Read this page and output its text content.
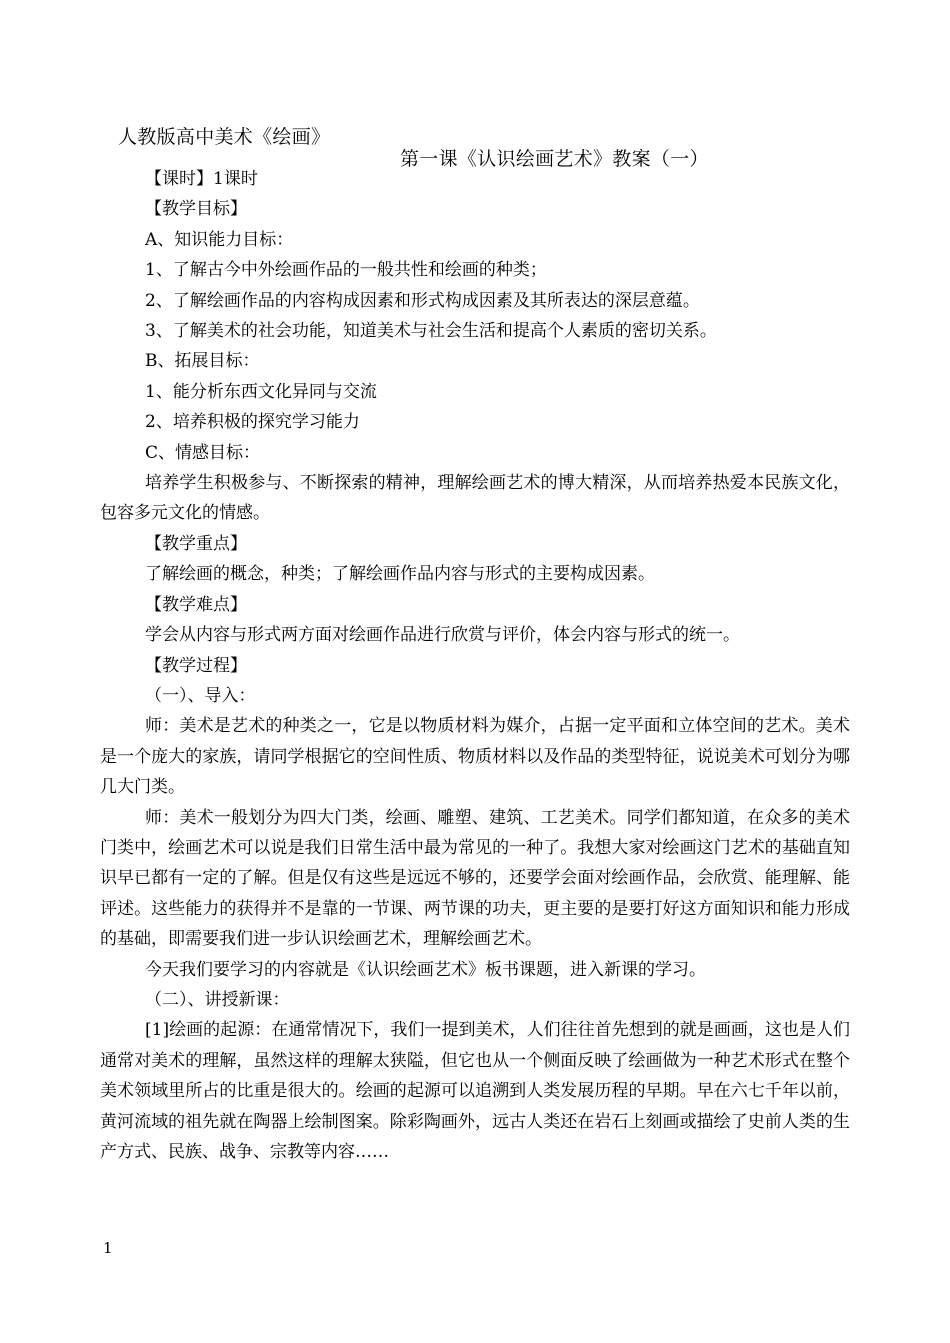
人教版高中美术《绘画》

第一课《认识绘画艺术》教案（一）

【课时】1课时

【教学目标】

A、知识能力目标：

1、了解古今中外绘画作品的一般共性和绘画的种类；

2、了解绘画作品的内容构成因素和形式构成因素及其所表达的深层意蕴。

3、了解美术的社会功能，知道美术与社会生活和提高个人素质的密切关系。

B、拓展目标：

1、能分析东西文化异同与交流

2、培养积极的探究学习能力

C、情感目标：

培养学生积极参与、不断探索的精神，理解绘画艺术的博大精深，从而培养热爱本民族文化，包容多元文化的情感。

【教学重点】

了解绘画的概念，种类；了解绘画作品内容与形式的主要构成因素。

【教学难点】

学会从内容与形式两方面对绘画作品进行欣赏与评价，体会内容与形式的统一。

【教学过程】

（一）、导入：

师：美术是艺术的种类之一，它是以物质材料为媒介，占据一定平面和立体空间的艺术。美术是一个庞大的家族，请同学根据它的空间性质、物质材料以及作品的类型特征，说说美术可划分为哪几大门类。

师：美术一般划分为四大门类，绘画、雕塑、建筑、工艺美术。同学们都知道，在众多的美术门类中，绘画艺术可以说是我们日常生活中最为常见的一种了。我想大家对绘画这门艺术的基础直知识早已都有一定的了解。但是仅有这些是远远不够的，还要学会面对绘画作品，会欣赏、能理解、能评述。这些能力的获得并不是靠的一节课、两节课的功夫，更主要的是要打好这方面知识和能力形成的基础，即需要我们进一步认识绘画艺术，理解绘画艺术。

今天我们要学习的内容就是《认识绘画艺术》板书课题，进入新课的学习。

（二）、讲授新课：

[1]绘画的起源：在通常情况下，我们一提到美术，人们往往首先想到的就是画画，这也是人们通常对美术的理解，虽然这样的理解太狭隘，但它也从一个侧面反映了绘画做为一种艺术形式在整个美术领域里所占的比重是很大的。绘画的起源可以追溯到人类发展历程的早期。早在六七千年以前，黄河流域的祖先就在陶器上绘制图案。除彩陶画外，远古人类还在岩石上刻画或描绘了史前人类的生产方式、民族、战争、宗教等内容……

1
